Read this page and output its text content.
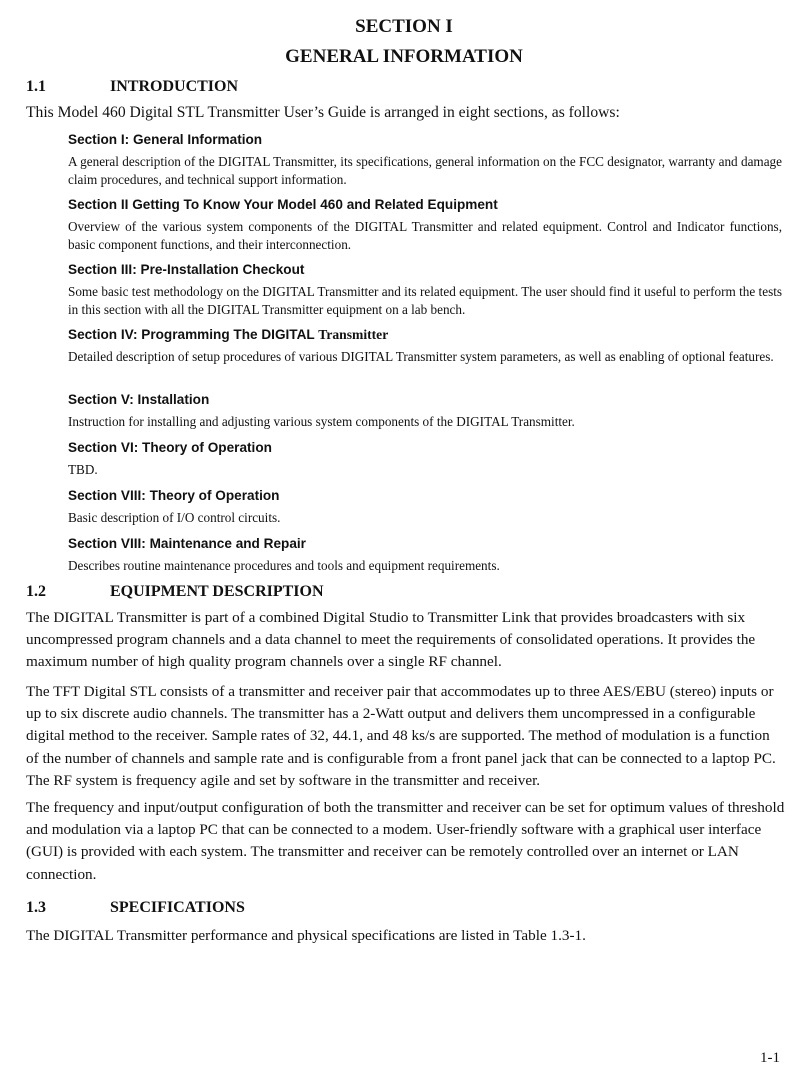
SECTION I
GENERAL INFORMATION
1.1	INTRODUCTION

This Model 460 Digital STL Transmitter User’s Guide is arranged in eight sections, as follows:

Section I: General Information

A general description of the DIGITAL Transmitter, its specifications, general information on the FCC designator, warranty and damage claim procedures, and technical support information.

Section II Getting To Know Your Model 460 and Related Equipment

Overview of the various system components of the DIGITAL Transmitter and related equipment. Control and Indicator functions, basic component functions, and their interconnection.

Section III: Pre-Installation Checkout

Some basic test methodology on the DIGITAL Transmitter and its related equipment. The user should find it useful to perform the tests in this section with all the DIGITAL Transmitter equipment on a lab bench.

Section IV: Programming The DIGITAL Transmitter

Detailed description of setup procedures of various DIGITAL Transmitter system parameters, as well as enabling of optional features.

Section V: Installation

Instruction for installing and adjusting various system components of the DIGITAL Transmitter.

Section VI: Theory of Operation

TBD.

Section VIII: Theory of Operation

Basic description of I/O control circuits.

Section VIII: Maintenance and Repair

Describes routine maintenance procedures and tools and equipment requirements.

1.2	EQUIPMENT DESCRIPTION

The DIGITAL Transmitter is part of a combined Digital Studio to Transmitter Link that provides broadcasters with six uncompressed program channels and a data channel to meet the requirements of consolidated operations. It provides the maximum number of high quality program channels over a single RF channel.

The TFT Digital STL consists of a transmitter and receiver pair that accommodates up to three AES/EBU (stereo) inputs or up to six discrete audio channels. The transmitter has a 2-Watt output and delivers them uncompressed in a configurable digital method to the receiver. Sample rates of 32, 44.1, and 48 ks/s are supported. The method of modulation is a function of the number of channels and sample rate and is configurable from a front panel jack that can be connected to a laptop PC. The RF system is frequency agile and set by software in the transmitter and receiver.

The frequency and input/output configuration of both the transmitter and receiver can be set for optimum values of threshold and modulation via a laptop PC that can be connected to a modem. User-friendly software with a graphical user interface (GUI) is provided with each system. The transmitter and receiver can be remotely controlled over an internet or LAN connection.

1.3	SPECIFICATIONS

The DIGITAL Transmitter performance and physical specifications are listed in Table 1.3-1.

1-1
